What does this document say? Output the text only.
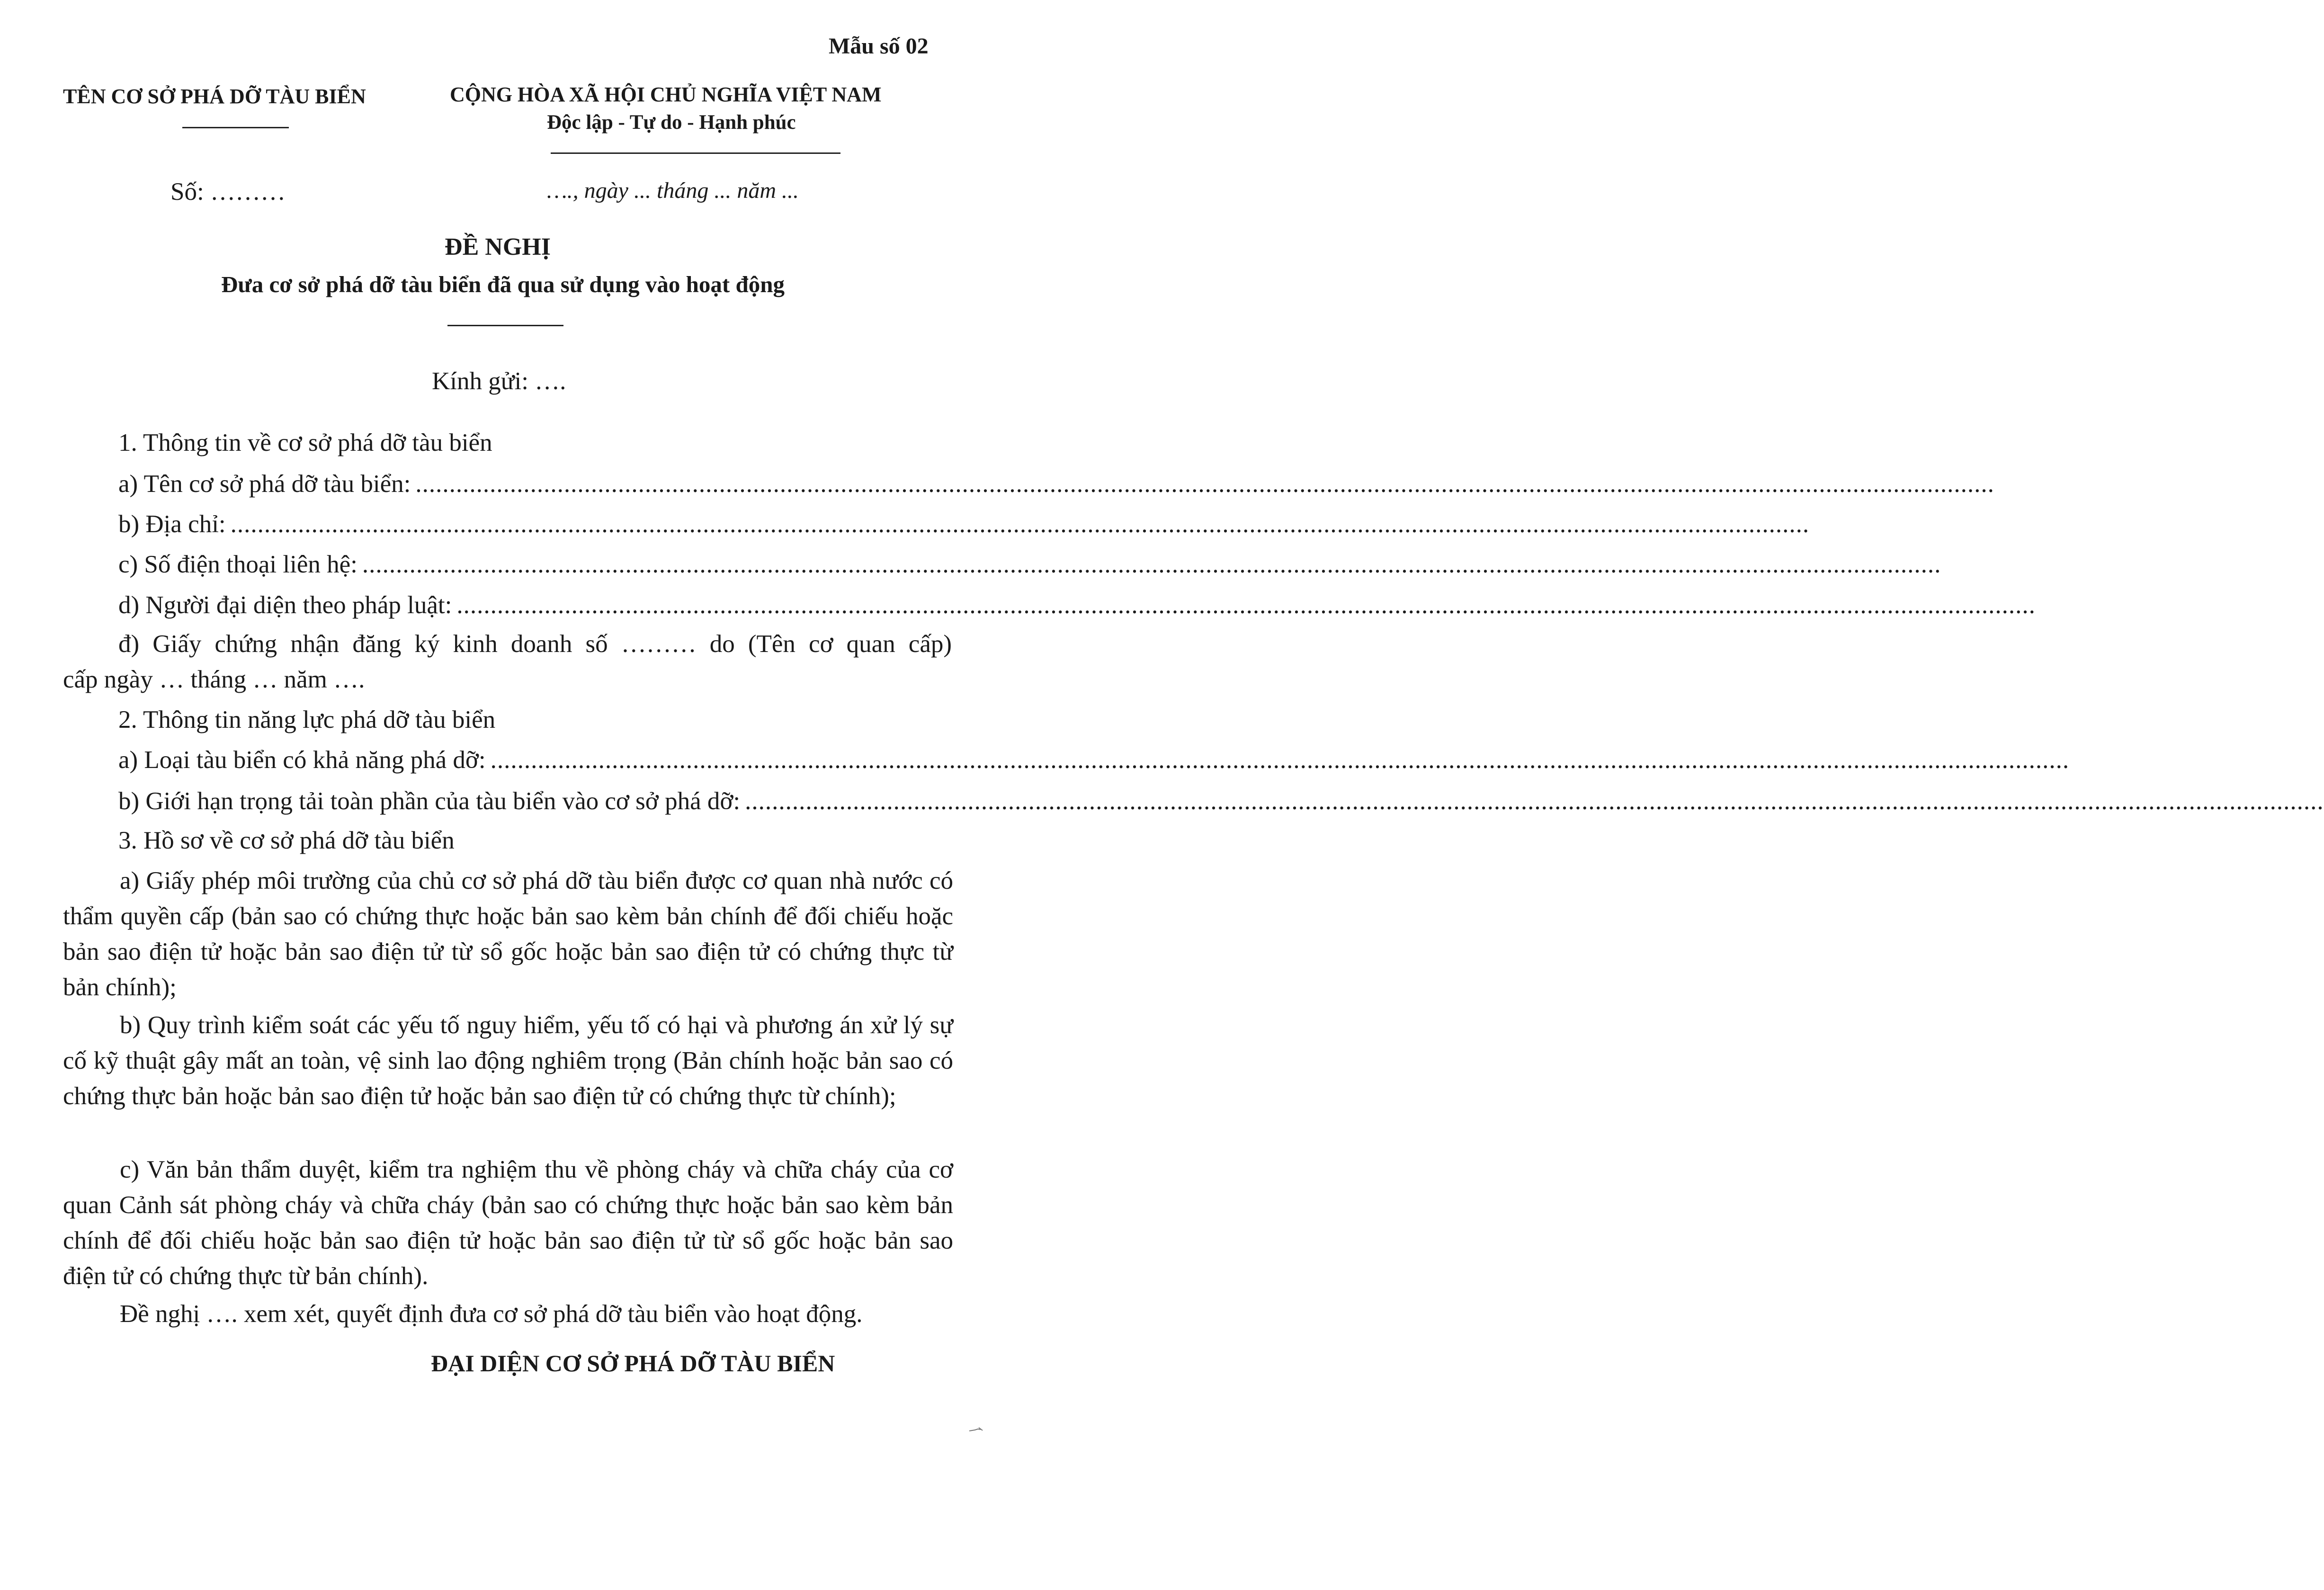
Mẫu số 02
TÊN CƠ SỞ PHÁ DỠ TÀU BIỂN	CỘNG HÒA XÃ HỘI CHỦ NGHĨA VIỆT NAM
Độc lập - Tự do - Hạnh phúc
Số: ………	…., ngày ... tháng ... năm ...
ĐỀ NGHỊ
Đưa cơ sở phá dỡ tàu biển đã qua sử dụng vào hoạt động
Kính gửi: ….
1. Thông tin về cơ sở phá dỡ tàu biển
a) Tên cơ sở phá dỡ tàu biển: ..........................................................................................................................................................................................................................................
b) Địa chỉ: ..........................................................................................................................................................................................................................................
c) Số điện thoại liên hệ: ..........................................................................................................................................................................................................................................
d) Người đại diện theo pháp luật: ..........................................................................................................................................................................................................................................
đ) Giấy chứng nhận đăng ký kinh doanh số ……… do (Tên cơ quan cấp)
cấp ngày … tháng … năm ….
2. Thông tin năng lực phá dỡ tàu biển
a) Loại tàu biển có khả năng phá dỡ: ..........................................................................................................................................................................................................................................
b) Giới hạn trọng tải toàn phần của tàu biển vào cơ sở phá dỡ: ..........................................................................................................................................................................................................................................
3. Hồ sơ về cơ sở phá dỡ tàu biển
a) Giấy phép môi trường của chủ cơ sở phá dỡ tàu biển được cơ quan nhà nước có thẩm quyền cấp (bản sao có chứng thực hoặc bản sao kèm bản chính để đối chiếu hoặc bản sao điện tử hoặc bản sao điện tử từ sổ gốc hoặc bản sao điện tử có chứng thực từ bản chính);
b) Quy trình kiểm soát các yếu tố nguy hiểm, yếu tố có hại và phương án xử lý sự cố kỹ thuật gây mất an toàn, vệ sinh lao động nghiêm trọng (Bản chính hoặc bản sao có chứng thực bản hoặc bản sao điện tử hoặc bản sao điện tử có chứng thực từ chính);
c) Văn bản thẩm duyệt, kiểm tra nghiệm thu về phòng cháy và chữa cháy của cơ quan Cảnh sát phòng cháy và chữa cháy (bản sao có chứng thực hoặc bản sao kèm bản chính để đối chiếu hoặc bản sao điện tử hoặc bản sao điện tử từ sổ gốc hoặc bản sao điện tử có chứng thực từ bản chính).
Đề nghị …. xem xét, quyết định đưa cơ sở phá dỡ tàu biển vào hoạt động.
ĐẠI DIỆN CƠ SỞ PHÁ DỠ TÀU BIỂN
